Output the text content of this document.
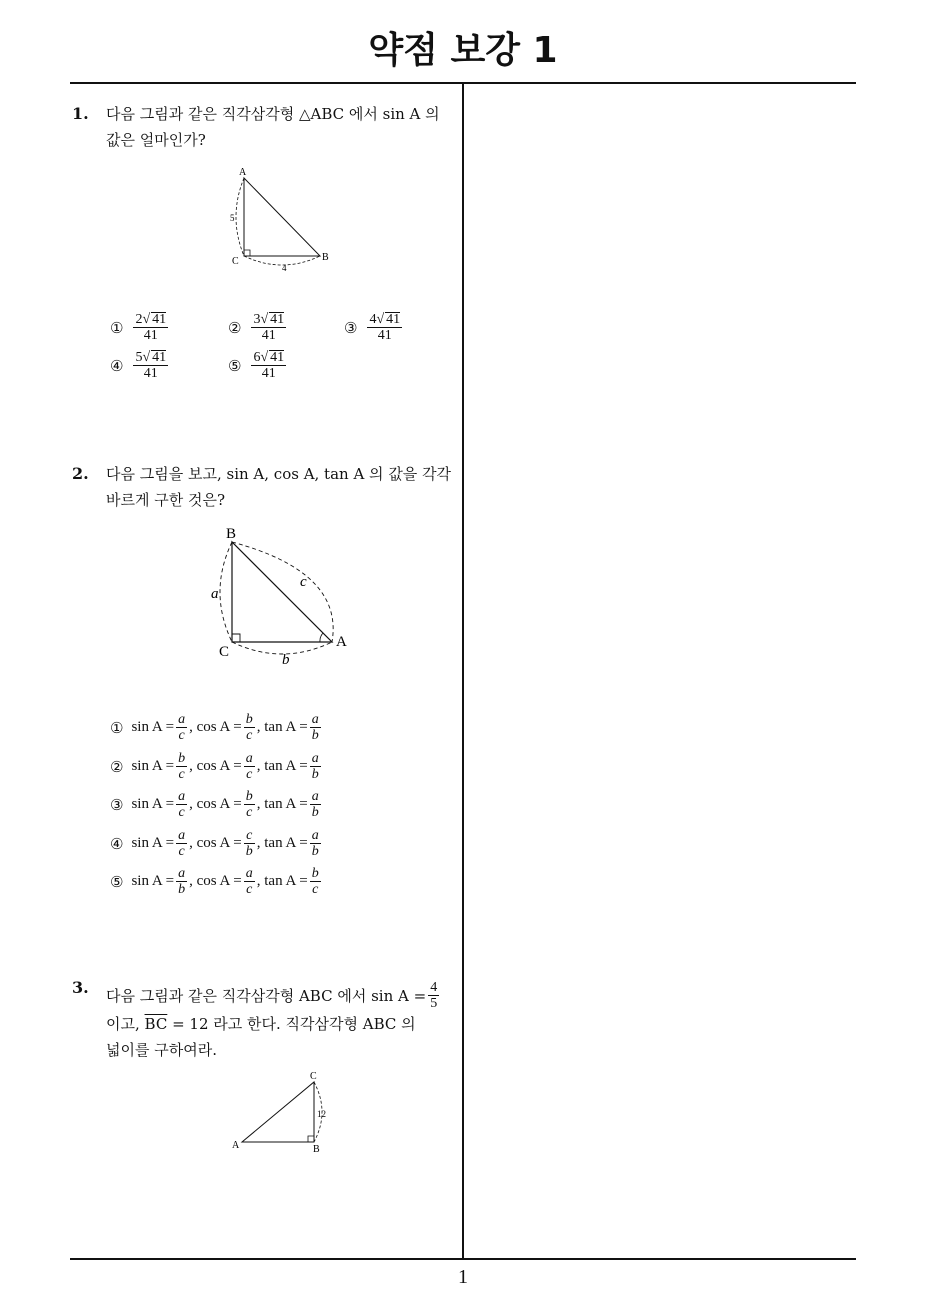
약점 보강 1
1
1. 다음 그림과 같은 직각삼각형 △ABC 에서 sin A 의
값은 얼마인가?
A
B
C
5
4
① $\frac{2√ 41}{41}$	② $\frac{3√ 41}{41}$	③ $\frac{4√ 41}{41}$
④ $\frac{5√ 41}{41}$	⑤ $\frac{6√ 41}{41}$
2. 다음 그림을 보고, sin A, cos A, tan A 의 값을 각각
바르게 구한 것은?
B
A
C
a
b
c
① $\sin A = \frac{a}{c}$ , $\cos A = \frac{b}{c}$ , $\tan A = \frac{a}{b}$
② $\sin A = \frac{b}{c}$ , $\cos A = \frac{a}{c}$ , $\tan A = \frac{a}{b}$
③ $\sin A = \frac{a}{c}$ , $\cos A = \frac{b}{c}$ , $\tan A = \frac{a}{b}$
④ $\sin A = \frac{a}{c}$ , $\cos A = \frac{c}{b}$ , $\tan A = \frac{a}{b}$
⑤ $\sin A = \frac{a}{b}$ , $\cos A = \frac{a}{c}$ , $\tan A = \frac{b}{c}$
3. 다음 그림과 같은 직각삼각형 ABC 에서 $\sin A = \frac{4}{5}$
이고, $\overline{BC} = 12$ 라고 한다. 직각삼각형 ABC 의
넓이를 구하여라.
C
A	B
12
